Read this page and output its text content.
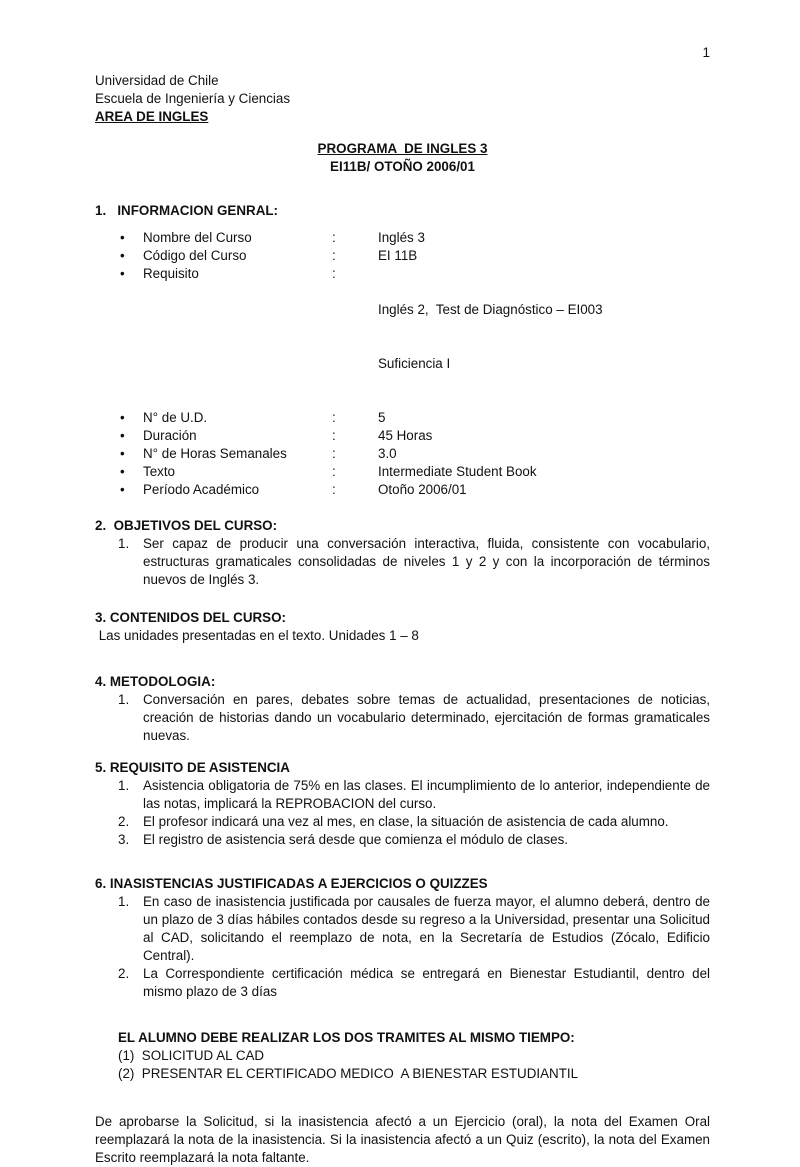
1
Universidad de Chile
Escuela de Ingeniería y Ciencias
AREA DE INGLES
PROGRAMA  DE INGLES 3
EI11B/ OTOÑO 2006/01
1.   INFORMACION GENRAL:
•	Nombre del Curso	:	Inglés 3
•	Código del Curso	:	EI 11B
•	Requisito	:

Inglés 2,  Test de Diagnóstico – EI003

Suficiencia I

•	N° de U.D.	:	5
•	Duración	:	45 Horas
•	N° de Horas Semanales	:	3.0
•	Texto	:	Intermediate Student Book
•	Período Académico	:	Otoño 2006/01
2.  OBJETIVOS DEL CURSO:
1.	Ser capaz de producir una conversación interactiva, fluida, consistente con vocabulario, estructuras gramaticales consolidadas de niveles 1 y 2 y con la incorporación de términos nuevos de Inglés 3.
3. CONTENIDOS DEL CURSO:
Las unidades presentadas en el texto. Unidades 1 – 8
4. METODOLOGIA:
1.	Conversación en pares, debates sobre temas de actualidad, presentaciones de noticias, creación de historias dando un vocabulario determinado, ejercitación de formas gramaticales nuevas.
5. REQUISITO DE ASISTENCIA
1.	Asistencia obligatoria de 75% en las clases. El incumplimiento de lo anterior, independiente de las notas, implicará la REPROBACION del curso.
2.	El profesor indicará una vez al mes, en clase, la situación de asistencia de cada alumno.
3.	El registro de asistencia será desde que comienza el módulo de clases.
6. INASISTENCIAS JUSTIFICADAS A EJERCICIOS O QUIZZES
1.	En caso de inasistencia justificada por causales de fuerza mayor, el alumno deberá, dentro de un plazo de 3 días hábiles contados desde su regreso a la Universidad, presentar una Solicitud al CAD, solicitando el reemplazo de nota, en la Secretaría de Estudios (Zócalo, Edificio Central).
2.	La Correspondiente certificación médica se entregará en Bienestar Estudiantil, dentro del mismo plazo de 3 días
EL ALUMNO DEBE REALIZAR LOS DOS TRAMITES AL MISMO TIEMPO:
(1)  SOLICITUD AL CAD
(2)  PRESENTAR EL CERTIFICADO MEDICO  A BIENESTAR ESTUDIANTIL
De aprobarse la Solicitud, si la inasistencia afectó a un Ejercicio (oral), la nota del Examen Oral reemplazará la nota de la inasistencia. Si la inasistencia afectó a un Quiz (escrito), la nota del Examen Escrito reemplazará la nota faltante.
